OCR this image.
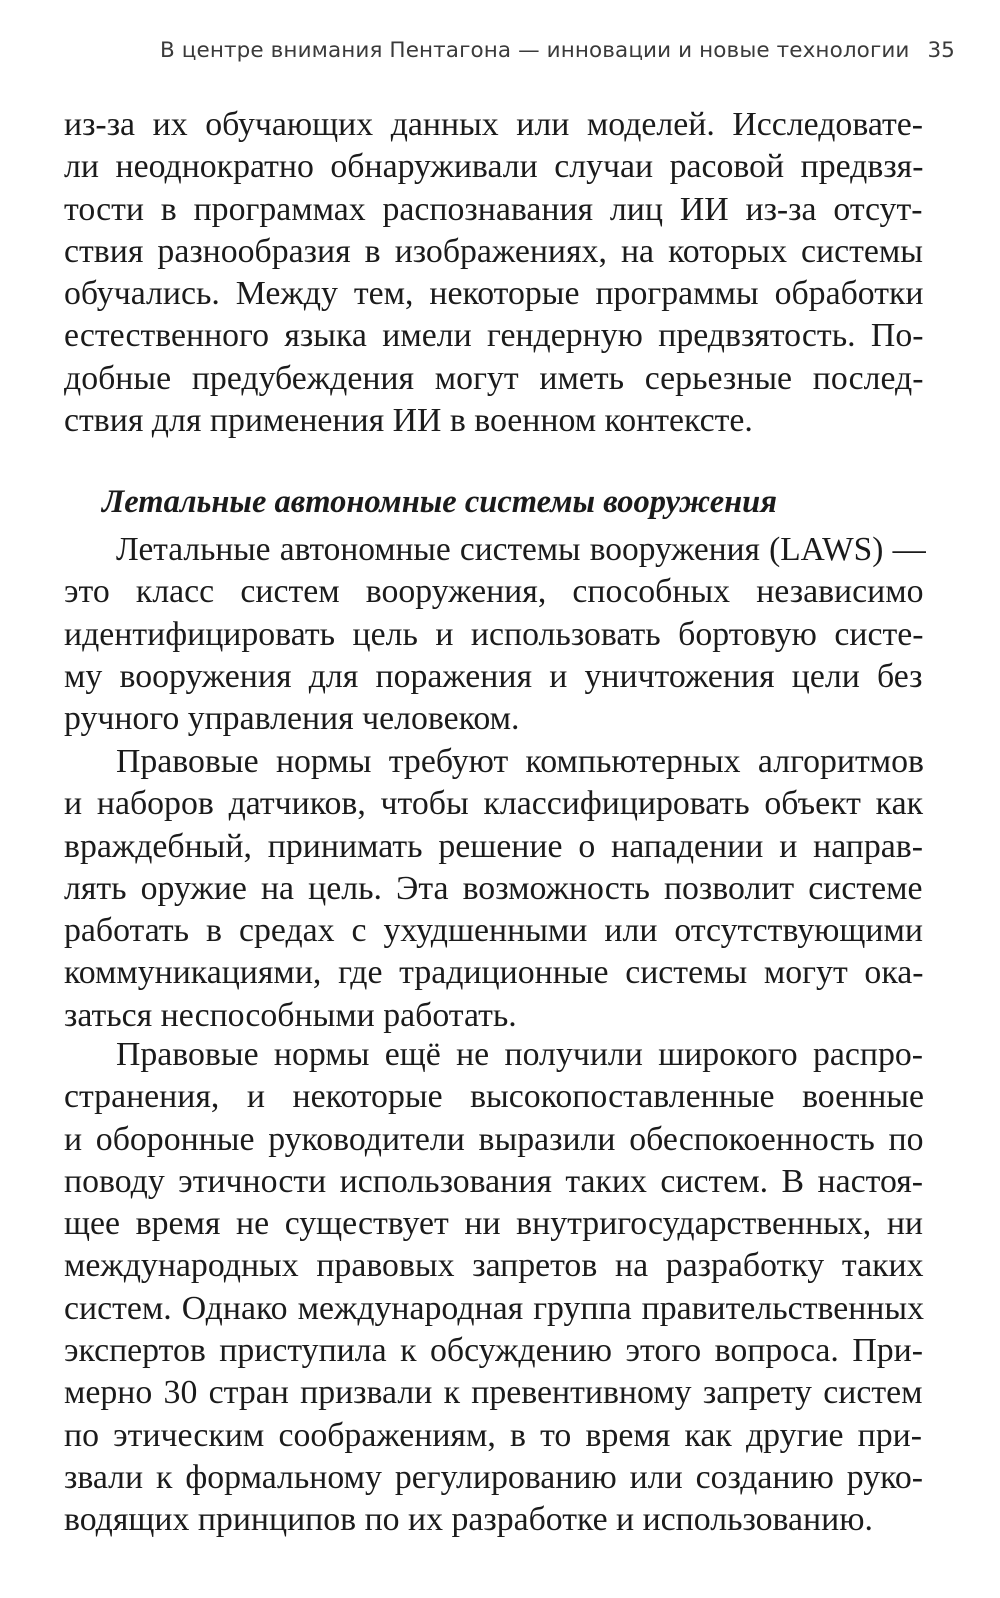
В центре внимания Пентагона — инновации и новые технологии 35
из-за их обучающих данных или моделей. Исследовате-
ли неоднократно обнаруживали случаи расовой предвзя-
тости в программах распознавания лиц ИИ из-за отсут-
ствия разнообразия в изображениях, на которых системы
обучались. Между тем, некоторые программы обработки
естественного языка имели гендерную предвзятость. По-
добные предубеждения могут иметь серьезные послед-
ствия для применения ИИ в военном контексте.
Летальные автономные системы вооружения
Летальные автономные системы вооружения (LAWS) —
это класс систем вооружения, способных независимо
идентифицировать цель и использовать бортовую систе-
му вооружения для поражения и уничтожения цели без
ручного управления человеком.
Правовые нормы требуют компьютерных алгоритмов
и наборов датчиков, чтобы классифицировать объект как
враждебный, принимать решение о нападении и направ-
лять оружие на цель. Эта возможность позволит системе
работать в средах с ухудшенными или отсутствующими
коммуникациями, где традиционные системы могут ока-
заться неспособными работать.
Правовые нормы ещё не получили широкого распро-
странения, и некоторые высокопоставленные военные
и оборонные руководители выразили обеспокоенность по
поводу этичности использования таких систем. В настоя-
щее время не существует ни внутригосударственных, ни
международных правовых запретов на разработку таких
систем. Однако международная группа правительственных
экспертов приступила к обсуждению этого вопроса. При-
мерно 30 стран призвали к превентивному запрету систем
по этическим соображениям, в то время как другие при-
звали к формальному регулированию или созданию руко-
водящих принципов по их разработке и использованию.
